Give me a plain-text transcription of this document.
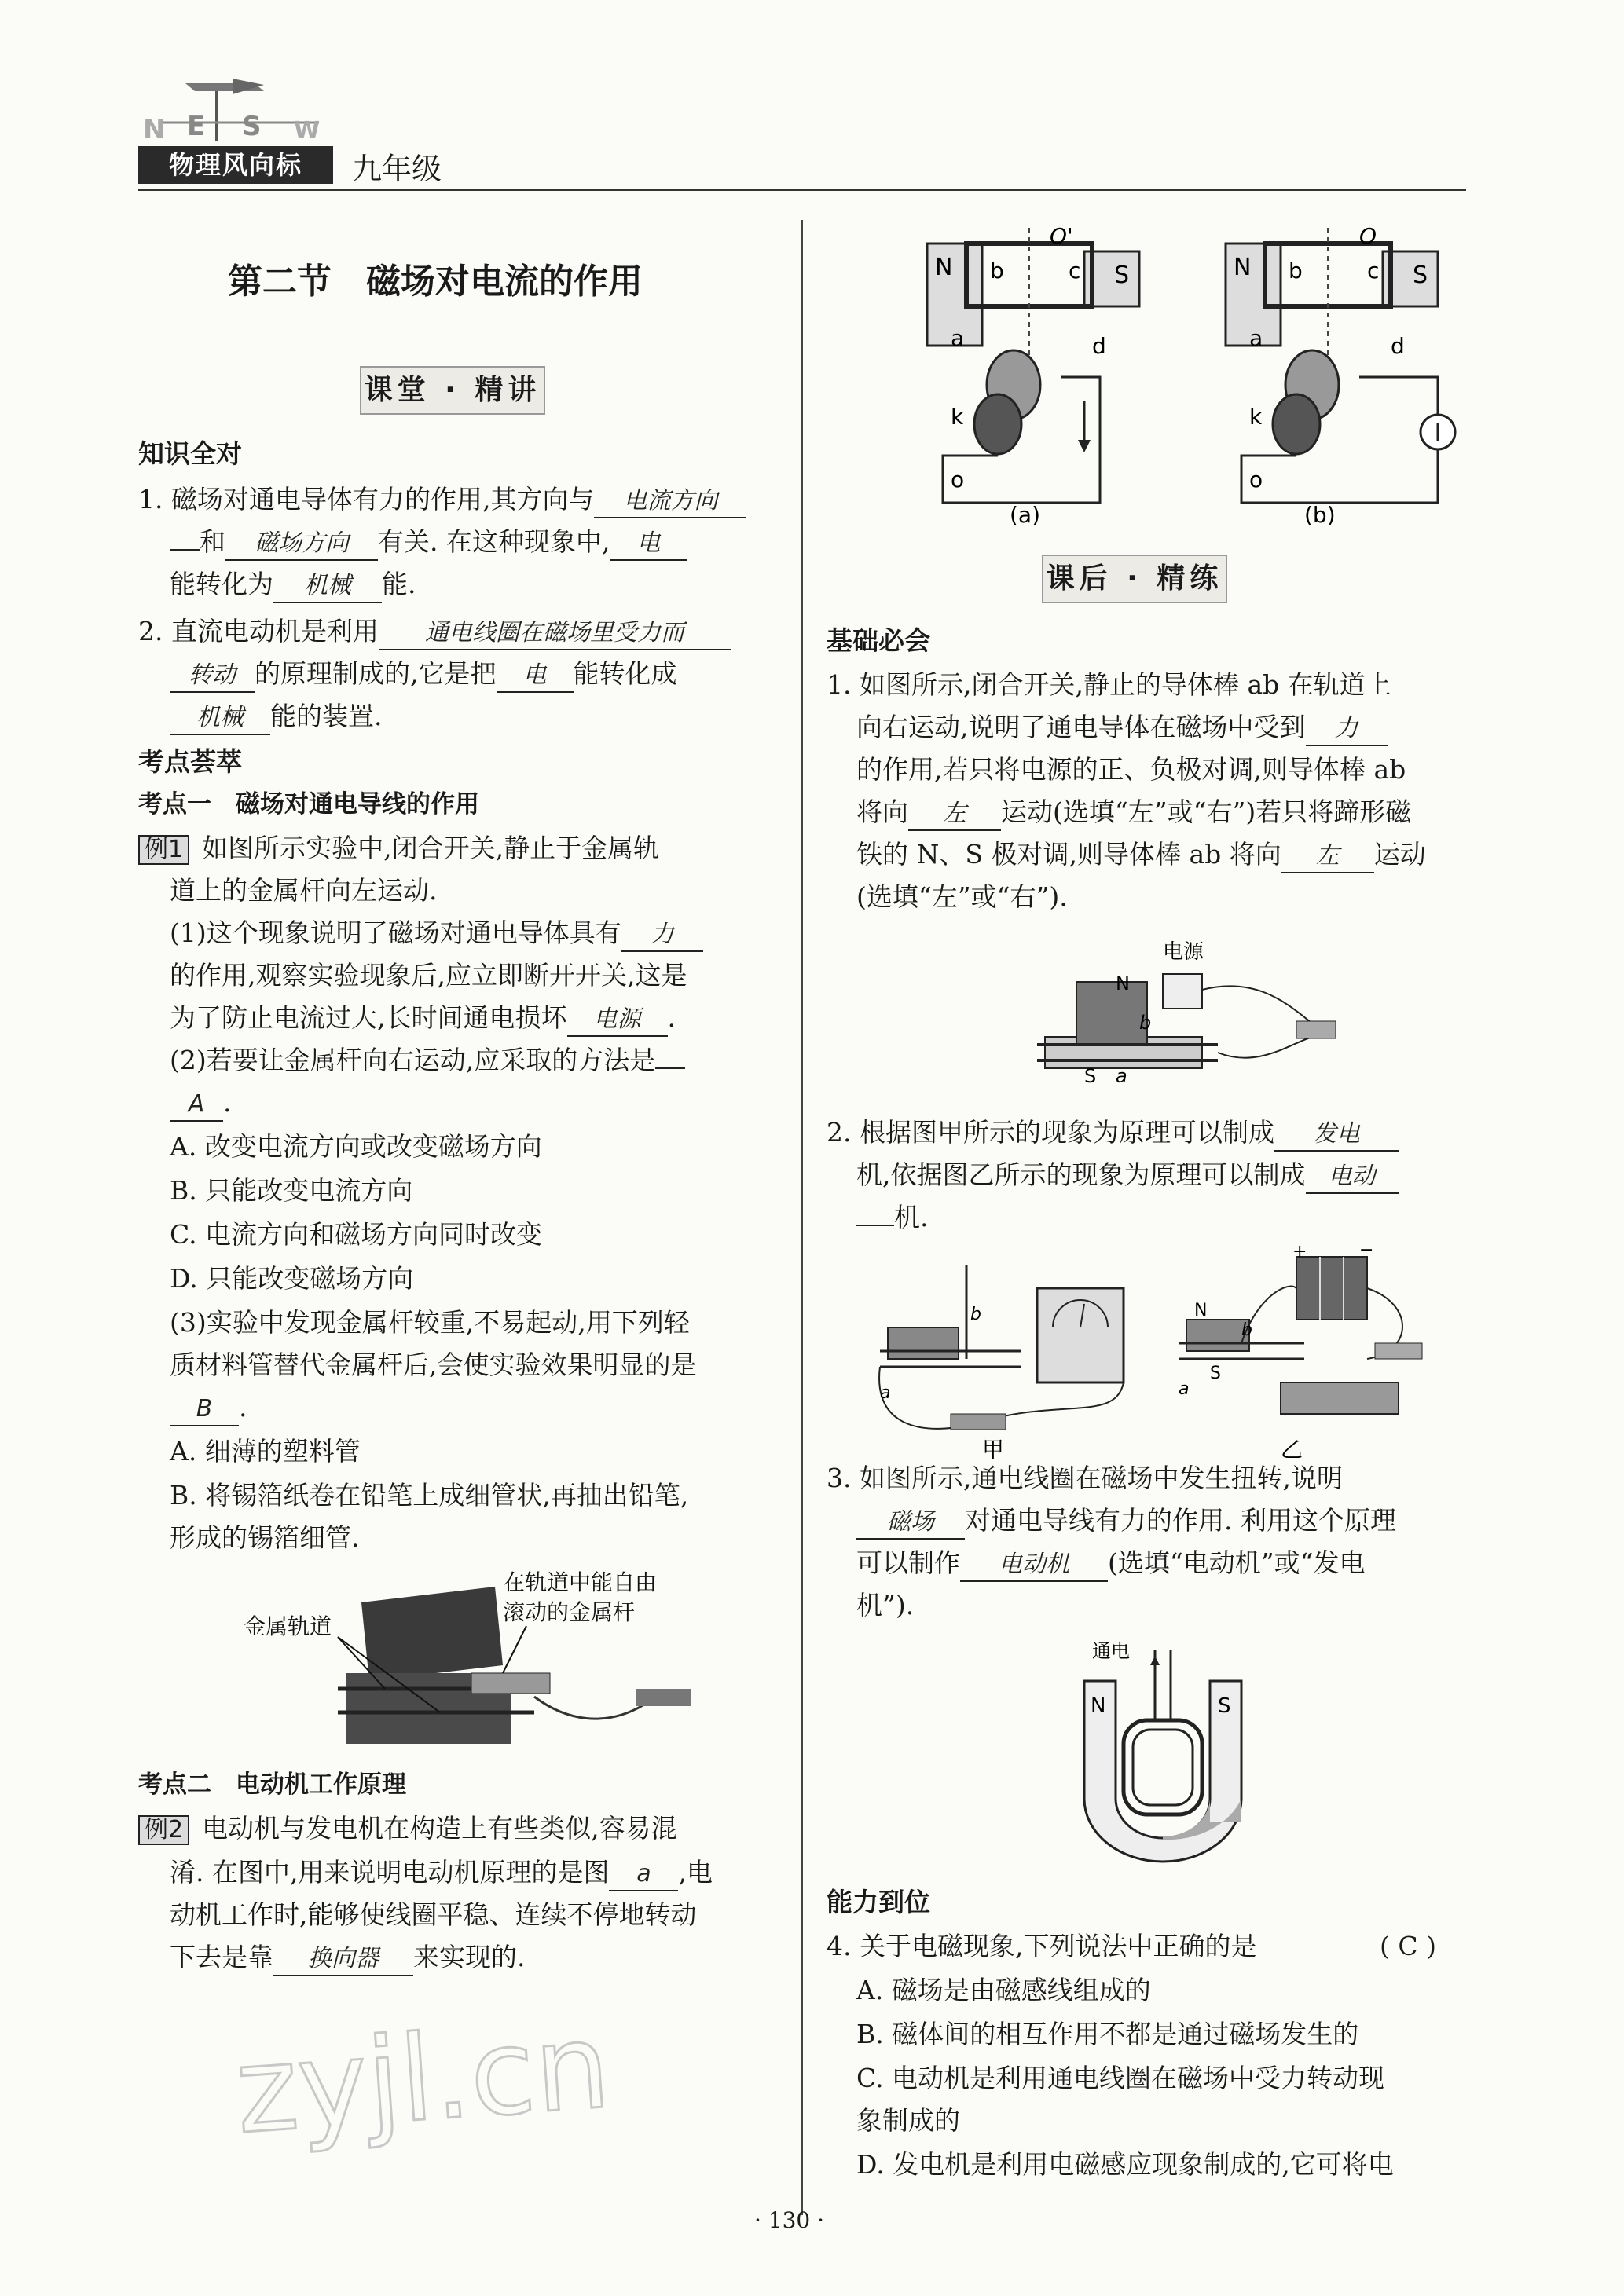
N E S W
物理风向标	九年级
第二节　磁场对电流的作用
课堂 · 精讲
知识全对
1. 磁场对通电导体有力的作用,其方向与 电流方向
和 磁场方向 有关. 在这种现象中, 电
能转化为 机械 能.
2. 直流电动机是利用 通电线圈在磁场里受力而
转动 的原理制成的,它是把 电 能转化成
机械 能的装置.
考点荟萃
考点一　磁场对通电导线的作用
例1 如图所示实验中,闭合开关,静止于金属轨
道上的金属杆向左运动.
(1)这个现象说明了磁场对通电导体具有 力
的作用,观察实验现象后,应立即断开开关,这是
为了防止电流过大,长时间通电损坏 电源 .
(2)若要让金属杆向右运动,应采取的方法是
A .
A. 改变电流方向或改变磁场方向
B. 只能改变电流方向
C. 电流方向和磁场方向同时改变
D. 只能改变磁场方向
(3)实验中发现金属杆较重,不易起动,用下列轻
质材料管替代金属杆后,会使实验效果明显的是
B .
A. 细薄的塑料管
B. 将锡箔纸卷在铅笔上成细管状,再抽出铅笔,
形成的锡箔细管.
金属轨道
在轨道中能自由
滚动的金属杆
考点二　电动机工作原理
例2 电动机与发电机在构造上有些类似,容易混
淆. 在图中,用来说明电动机原理的是图 a ,电
动机工作时,能够使线圈平稳、连续不停地转动
下去是靠 换向器 来实现的.
zyjl.cn
N	S
b	c
a	d
k
o
O'
(a)
N	S
b	c
a	d
k
o
O
(b)
课后 · 精练
基础必会
1. 如图所示,闭合开关,静止的导体棒 ab 在轨道上
向右运动,说明了通电导体在磁场中受到 力
的作用,若只将电源的正、负极对调,则导体棒 ab
将向 左 运动(选填“左”或“右”)若只将蹄形磁
铁的 N、S 极对调,则导体棒 ab 将向 左 运动
(选填“左”或“右”).
电源
N
S a
b
2. 根据图甲所示的现象为原理可以制成 发电
机,依据图乙所示的现象为原理可以制成 电动
机.
a
b
甲
N
S
a
b
+	−
乙
3. 如图所示,通电线圈在磁场中发生扭转,说明
磁场 对通电导线有力的作用. 利用这个原理
可以制作 电动机 (选填“电动机”或“发电
机”).
通电
N	S
能力到位
4. 关于电磁现象,下列说法中正确的是	( C )
A. 磁场是由磁感线组成的
B. 磁体间的相互作用不都是通过磁场发生的
C. 电动机是利用通电线圈在磁场中受力转动现
象制成的
D. 发电机是利用电磁感应现象制成的,它可将电
· 130 ·
